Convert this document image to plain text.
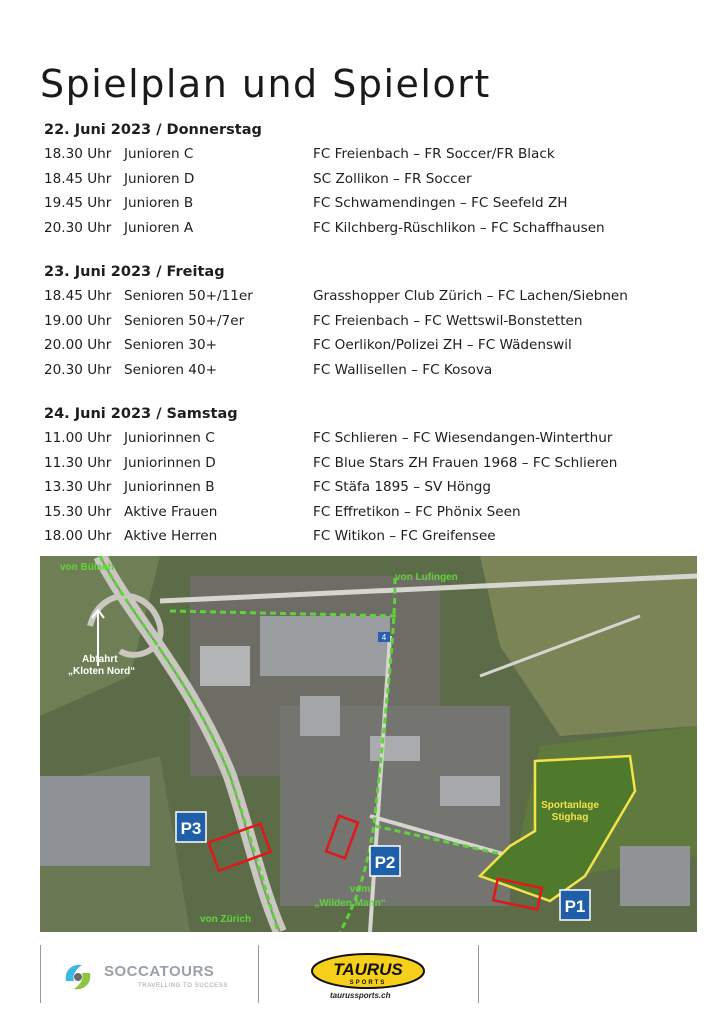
Spielplan und Spielort
22. Juni 2023 / Donnerstag
18.30 Uhr Junioren C	FC Freienbach – FR Soccer/FR Black
18.45 Uhr Junioren D	SC Zollikon – FR Soccer
19.45 Uhr Junioren B	FC Schwamendingen – FC Seefeld ZH
20.30 Uhr Junioren A	FC Kilchberg-Rüschlikon – FC Schaffhausen
23. Juni 2023 / Freitag
18.45 Uhr Senioren 50+/11er	Grasshopper Club Zürich – FC Lachen/Siebnen
19.00 Uhr Senioren 50+/7er	FC Freienbach – FC Wettswil-Bonstetten
20.00 Uhr Senioren 30+	FC Oerlikon/Polizei ZH – FC Wädenswil
20.30 Uhr Senioren 40+	FC Wallisellen – FC Kosova
24. Juni 2023 / Samstag
11.00 Uhr Juniorinnen C	FC Schlieren – FC Wiesendangen-Winterthur
11.30 Uhr Juniorinnen D	FC Blue Stars ZH Frauen 1968 – FC Schlieren
13.30 Uhr Juniorinnen B	FC Stäfa 1895 – SV Höngg
15.30 Uhr Aktive Frauen	FC Effretikon – FC Phönix Seen
18.00 Uhr Aktive Herren	FC Witikon – FC Greifensee
P1
P2
P3
4
von Bülach
von Lufingen
Abfahrt
„Kloten Nord“
Sportanlage
Stighag
vom
„Wilden Mann“
von Zürich
SOCCATOURS
TRAVELLING TO SUCCESS
TAURUS
SPORTS
taurussports.ch
